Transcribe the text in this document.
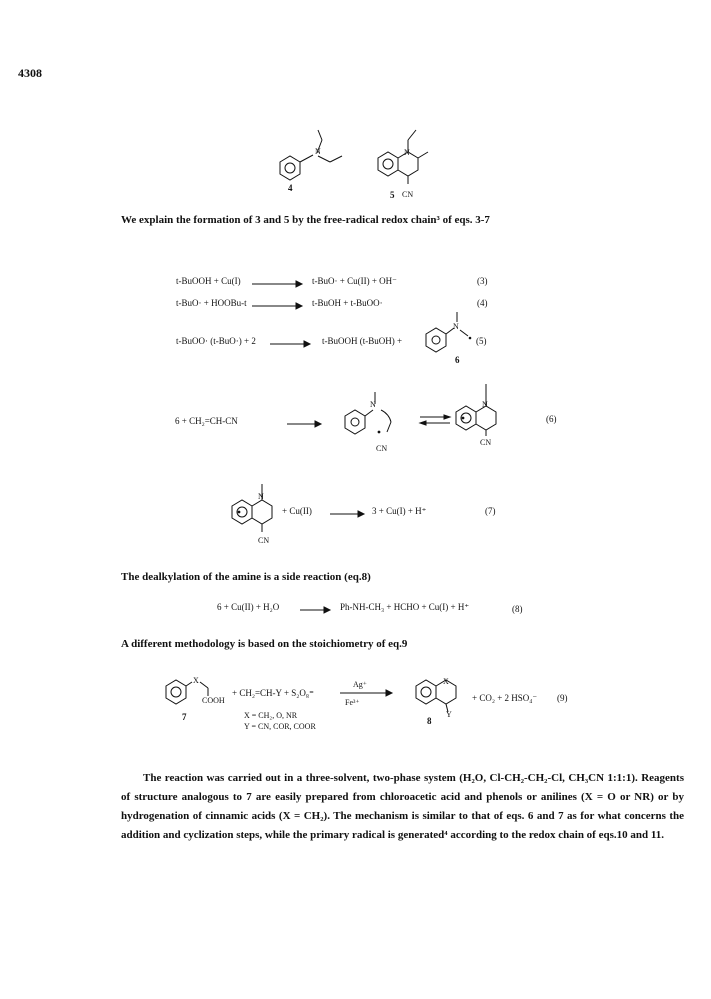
4308
N
4
N
5 CN
We explain the formation of 3 and 5 by the free-radical redox chain³ of eqs. 3-7
t-BuOOH + Cu(I)	t-BuO· + Cu(II) + OH⁻	(3)
t-BuO· + HOOBu-t	t-BuOH + t-BuOO·	(4)
t-BuOO· (t-BuO·) + 2	t-BuOOH (t-BuOH) +
N
(5)
6
6 + CH₂=CH-CN
N
CN
N
CN
(6)
N
CN
+ Cu(II)	3 + Cu(I) + H⁺	(7)
The dealkylation of the amine is a side reaction (eq.8)
6 + Cu(II) + H₂O	Ph-NH-CH₃ + HCHO + Cu(I) + H⁺	(8)
A different methodology is based on the stoichiometry of eq.9
X
COOH
+ CH₂=CH-Y + S₂O₈⁼
Ag⁺
Fe³⁺
X
Y
+ CO₂ + 2 HSO₄⁻ (9)
7	8
X = CH₂, O, NR
Y = CN, COR, COOR

The reaction was carried out in a three-solvent, two-phase system (H₂O, Cl-CH₂-CH₂-Cl, CH₃CN 1:1:1). Reagents of structure analogous to 7 are easily prepared from chloroacetic acid and phenols or anilines (X = O or NR) or by hydrogenation of cinnamic acids (X = CH₂). The mechanism is similar to that of eqs. 6 and 7 as for what concerns the addition and cyclization steps, while the primary radical is generated⁴ according to the redox chain of eqs.10 and 11.
